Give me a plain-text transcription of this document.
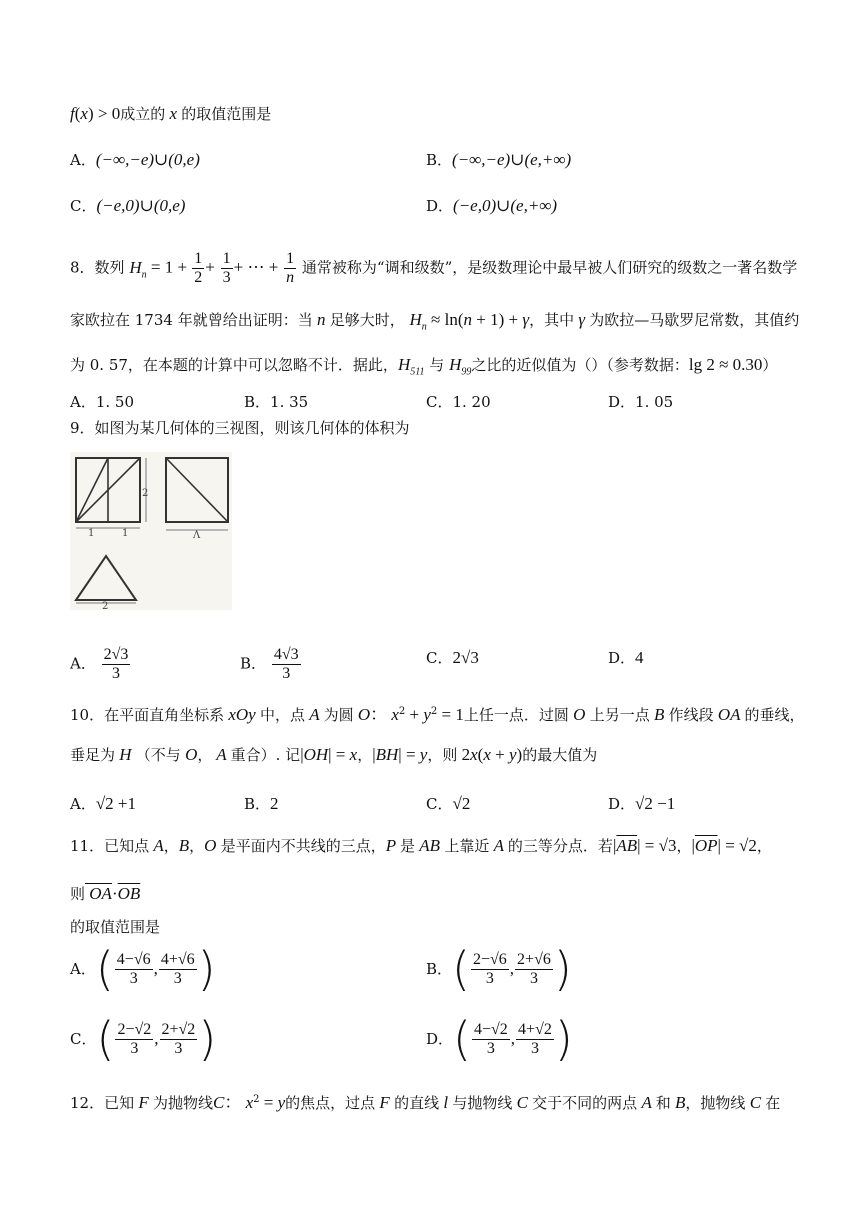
f(x) > 0成立的 x 的取值范围是
A．(−∞,−e)∪(0,e)	B．(−∞,−e)∪(e,+∞)
C．(−e,0)∪(0,e)	D．(−e,0)∪(e,+∞)
8．数列 $H_n = 1 + \frac{1}{2} + \frac{1}{3}$ + ⋯ + $\frac{1}{n}$ 通常被称为“调和级数”，是级数理论中最早被人们研究的级数之一著名数学
家欧拉在 1734 年就曾给出证明：当 n 足够大时， $H_n \approx \ln(n + 1) + \gamma$，其中 γ 为欧拉—马歇罗尼常数，其值约
为 0. 57，在本题的计算中可以忽略不计．据此，$H_{511}$ 与 $H_{99}$之比的近似值为（）（参考数据：lg 2 ≈ 0.30）
A．1. 50	B．1. 35	C．1. 20	D．1. 05
9．如图为某几何体的三视图，则该几何体的体积为
2
1	1	Λ
2
A． $\frac{2√3}{3}$	B． $\frac{4√3}{3}$	C．2√3	D．4
10．在平面直角坐标系 xOy 中，点 A 为圆 O： $x^2 + y^2 = 1$上任一点．过圆 O 上另一点 B 作线段 OA 的垂线，
垂足为 H （不与 O， A 重合）. 记|OH| = x，|BH| = y，则 2x(x + y)的最大值为
A．√2 +1	B．2	C．√2	D．√2 −1
11．已知点 A，B，O 是平面内不共线的三点，P 是 AB 上靠近 A 的三等分点．若$|\overline{AB}| = √3$，$|\overline{OP}| = √2$，
则 $OA\cdot\overline{OB}$
的取值范围是
A． ( $\frac{4-√6}{3}$ , $\frac{4+√6}{3}$ )	B． ( $\frac{2-√6}{3}$ , $\frac{2+√6}{3}$ )
C． ( $\frac{2-√2}{3}$ , $\frac{2+√2}{3}$ )	D． ( $\frac{4-√2}{3}$ , $\frac{4+√2}{3}$ )
12．已知 F 为抛物线C： $x^2 = y$的焦点，过点 F 的直线 l 与抛物线 C 交于不同的两点 A 和 B，抛物线 C 在
